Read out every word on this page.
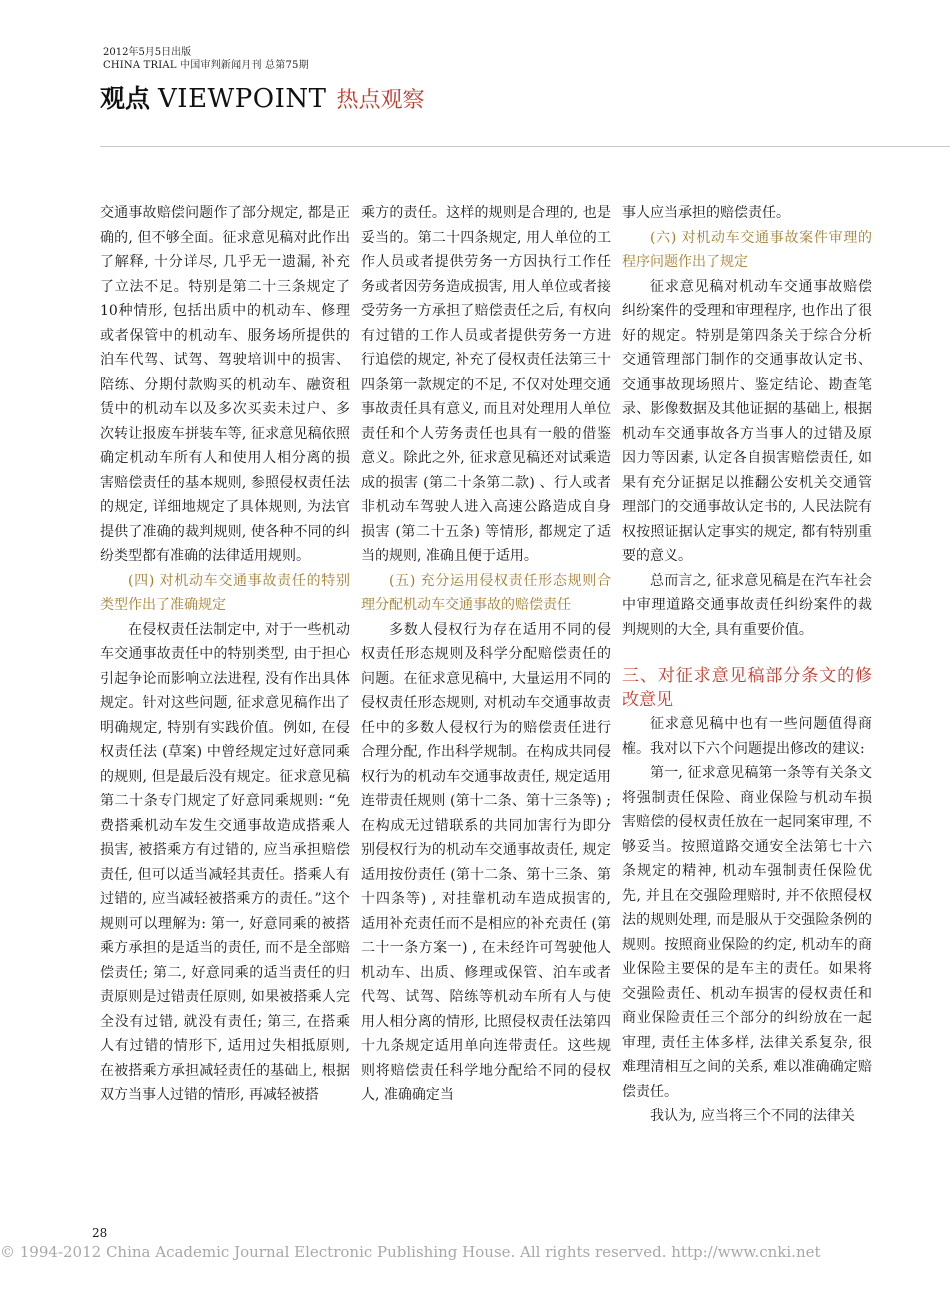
2012年5月5日出版
CHINA TRIAL 中国审判新闻月刊 总第75期
观点 VIEWPOINT 热点观察

交通事故赔偿问题作了部分规定, 都是正确的, 但不够全面。征求意见稿对此作出了解释, 十分详尽, 几乎无一遗漏, 补充了立法不足。特别是第二十三条规定了10种情形, 包括出质中的机动车、修理或者保管中的机动车、服务场所提供的泊车代驾、试驾、驾驶培训中的损害、陪练、分期付款购买的机动车、融资租赁中的机动车以及多次买卖未过户、多次转让报废车拼装车等, 征求意见稿依照确定机动车所有人和使用人相分离的损害赔偿责任的基本规则, 参照侵权责任法的规定, 详细地规定了具体规则, 为法官提供了准确的裁判规则, 使各种不同的纠纷类型都有准确的法律适用规则。

(四) 对机动车交通事故责任的特别类型作出了准确规定

在侵权责任法制定中, 对于一些机动车交通事故责任中的特别类型, 由于担心引起争论而影响立法进程, 没有作出具体规定。针对这些问题, 征求意见稿作出了明确规定, 特别有实践价值。例如, 在侵权责任法 (草案) 中曾经规定过好意同乘的规则, 但是最后没有规定。征求意见稿第二十条专门规定了好意同乘规则: “免费搭乘机动车发生交通事故造成搭乘人损害, 被搭乘方有过错的, 应当承担赔偿责任, 但可以适当减轻其责任。搭乘人有过错的, 应当减轻被搭乘方的责任。”这个规则可以理解为: 第一, 好意同乘的被搭乘方承担的是适当的责任, 而不是全部赔偿责任; 第二, 好意同乘的适当责任的归责原则是过错责任原则, 如果被搭乘人完全没有过错, 就没有责任; 第三, 在搭乘人有过错的情形下, 适用过失相抵原则, 在被搭乘方承担减轻责任的基础上, 根据双方当事人过错的情形, 再减轻被搭

乘方的责任。这样的规则是合理的, 也是妥当的。第二十四条规定, 用人单位的工作人员或者提供劳务一方因执行工作任务或者因劳务造成损害, 用人单位或者接受劳务一方承担了赔偿责任之后, 有权向有过错的工作人员或者提供劳务一方进行追偿的规定, 补充了侵权责任法第三十四条第一款规定的不足, 不仅对处理交通事故责任具有意义, 而且对处理用人单位责任和个人劳务责任也具有一般的借鉴意义。除此之外, 征求意见稿还对试乘造成的损害 (第二十条第二款) 、行人或者非机动车驾驶人进入高速公路造成自身损害 (第二十五条) 等情形, 都规定了适当的规则, 准确且便于适用。

(五) 充分运用侵权责任形态规则合理分配机动车交通事故的赔偿责任

多数人侵权行为存在适用不同的侵权责任形态规则及科学分配赔偿责任的问题。在征求意见稿中, 大量运用不同的侵权责任形态规则, 对机动车交通事故责任中的多数人侵权行为的赔偿责任进行合理分配, 作出科学规制。在构成共同侵权行为的机动车交通事故责任, 规定适用连带责任规则 (第十二条、第十三条等) ; 在构成无过错联系的共同加害行为即分别侵权行为的机动车交通事故责任, 规定适用按份责任 (第十二条、第十三条、第十四条等) , 对挂靠机动车造成损害的, 适用补充责任而不是相应的补充责任 (第二十一条方案一) , 在未经许可驾驶他人机动车、出质、修理或保管、泊车或者代驾、试驾、陪练等机动车所有人与使用人相分离的情形, 比照侵权责任法第四十九条规定适用单向连带责任。这些规则将赔偿责任科学地分配给不同的侵权人, 准确确定当

事人应当承担的赔偿责任。

(六) 对机动车交通事故案件审理的程序问题作出了规定

征求意见稿对机动车交通事故赔偿纠纷案件的受理和审理程序, 也作出了很好的规定。特别是第四条关于综合分析交通管理部门制作的交通事故认定书、交通事故现场照片、鉴定结论、勘查笔录、影像数据及其他证据的基础上, 根据机动车交通事故各方当事人的过错及原因力等因素, 认定各自损害赔偿责任, 如果有充分证据足以推翻公安机关交通管理部门的交通事故认定书的, 人民法院有权按照证据认定事实的规定, 都有特别重要的意义。

总而言之, 征求意见稿是在汽车社会中审理道路交通事故责任纠纷案件的裁判规则的大全, 具有重要价值。

三、对征求意见稿部分条文的修改意见

征求意见稿中也有一些问题值得商榷。我对以下六个问题提出修改的建议:

第一, 征求意见稿第一条等有关条文将强制责任保险、商业保险与机动车损害赔偿的侵权责任放在一起同案审理, 不够妥当。按照道路交通安全法第七十六条规定的精神, 机动车强制责任保险优先, 并且在交强险理赔时, 并不依照侵权法的规则处理, 而是服从于交强险条例的规则。按照商业保险的约定, 机动车的商业保险主要保的是车主的责任。如果将交强险责任、机动车损害的侵权责任和商业保险责任三个部分的纠纷放在一起审理, 责任主体多样, 法律关系复杂, 很难理清相互之间的关系, 难以准确确定赔偿责任。

我认为, 应当将三个不同的法律关

28
© 1994-2012 China Academic Journal Electronic Publishing House. All rights reserved. http://www.cnki.net
